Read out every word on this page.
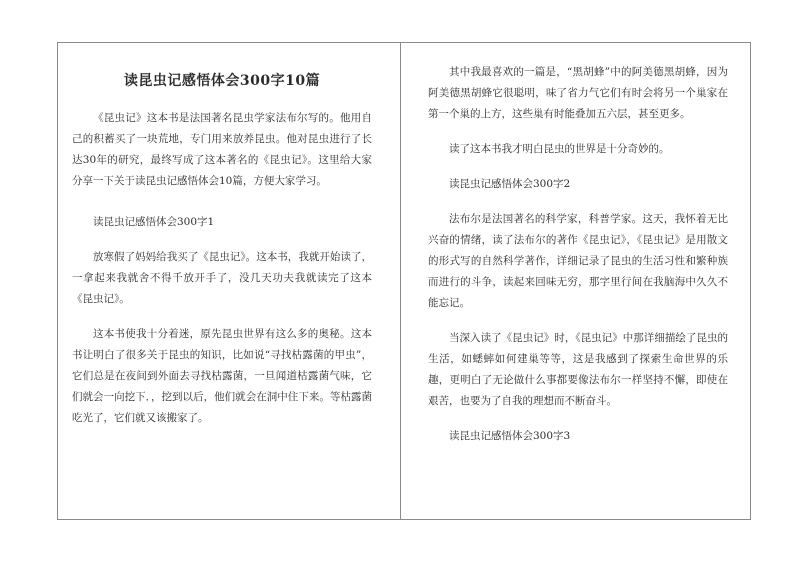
读昆虫记感悟体会300字10篇

《昆虫记》这本书是法国著名昆虫学家法布尔写的。他用自己的积蓄买了一块荒地，专门用来放养昆虫。他对昆虫进行了长达30年的研究，最终写成了这本著名的《昆虫记》。这里给大家分享一下关于读昆虫记感悟体会10篇，方便大家学习。

读昆虫记感悟体会300字1

放寒假了妈妈给我买了《昆虫记》。这本书，我就开始读了，一拿起来我就舍不得千放开手了，没几天功夫我就读完了这本《昆虫记》。

这本书使我十分着迷，原先昆虫世界有这么多的奥秘。这本书让明白了很多关于昆虫的知识，比如说“寻找枯露菌的甲虫”，它们总是在夜间到外面去寻找枯露菌，一旦闻道枯露菌气味，它们就会一向挖下．，挖到以后，他们就会在洞中住下来。等枯露菌吃光了，它们就又该搬家了。

其中我最喜欢的一篇是，“黑胡蜂”中的阿美德黑胡蜂，因为阿美德黑胡蜂它很聪明，味了省力气它们有时会将另一个巢家在第一个巢的上方，这些巢有时能叠加五六层，甚至更多。

读了这本书我才明白昆虫的世界是十分奇妙的。

读昆虫记感悟体会300字2

法布尔是法国著名的科学家，科普学家。这天，我怀着无比兴奋的情绪，读了法布尔的著作《昆虫记》，《昆虫记》是用散文的形式写的自然科学著作，详细记录了昆虫的生活习性和繁种族而进行的斗争，读起来回味无穷，那字里行间在我脑海中久久不能忘记。

当深入读了《昆虫记》时，《昆虫记》中那详细描绘了昆虫的生活，如蟋蟀如何建巢等等，这是我感到了探索生命世界的乐趣，更明白了无论做什么事都要像法布尔一样坚持不懈，即使在艰苦，也要为了自我的理想而不断奋斗。

读昆虫记感悟体会300字3
